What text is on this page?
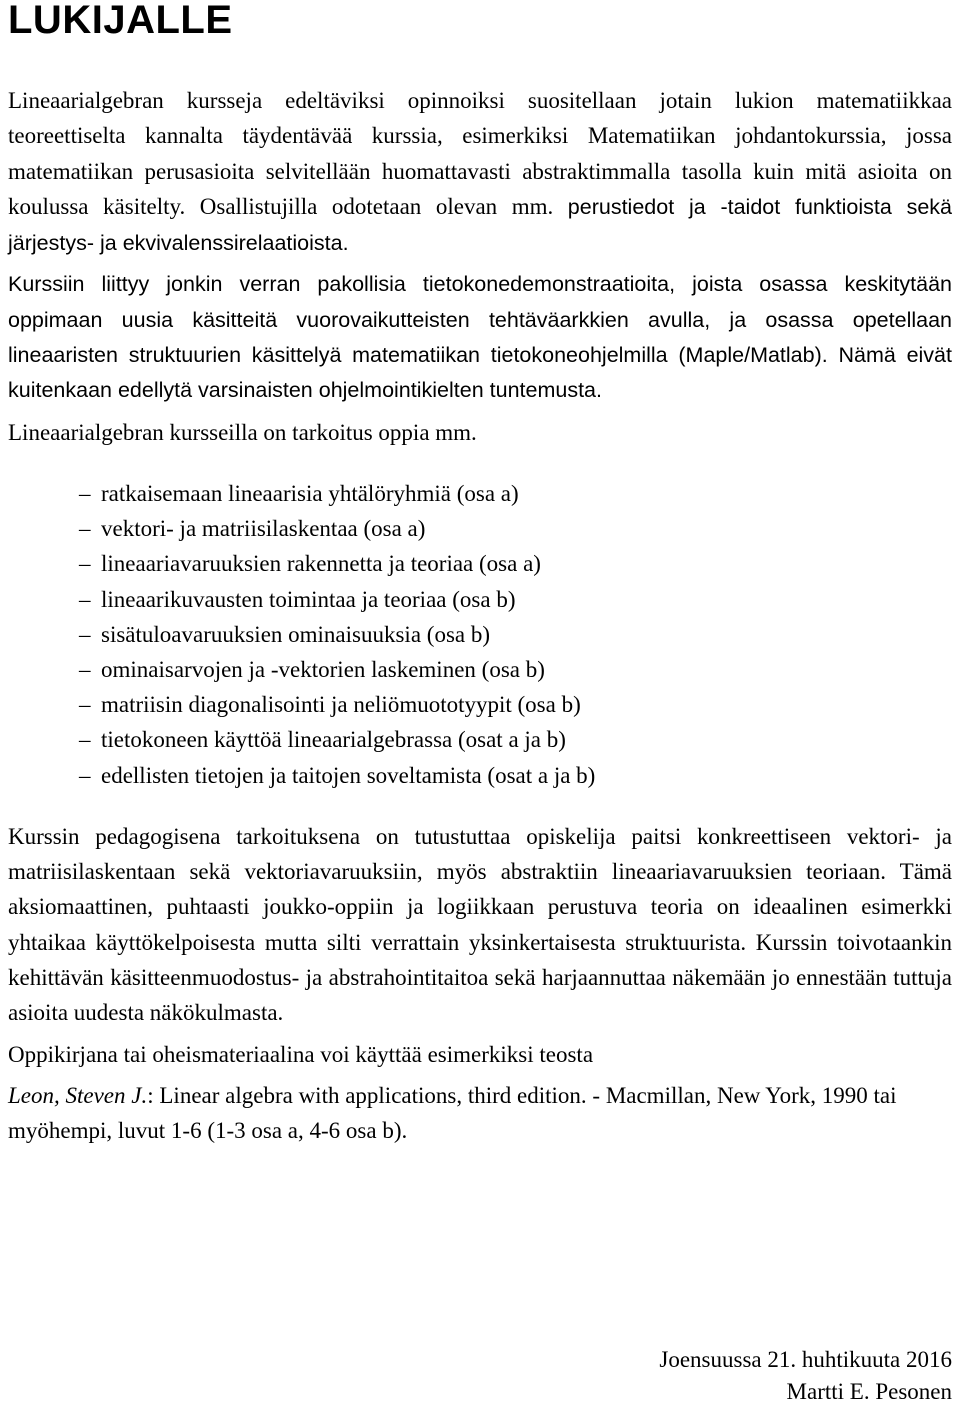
LUKIJALLE

Lineaarialgebran kursseja edeltäviksi opinnoiksi suositellaan jotain lukion matematiikkaa teoreettiselta kannalta täydentävää kurssia, esimerkiksi Matematiikan johdantokurssia, jossa matematiikan perusasioita selvitellään huomattavasti abstraktimmalla tasolla kuin mitä asioita on koulussa käsitelty. Osallistujilla odotetaan olevan mm. perustiedot ja -taidot funktioista sekä järjestys- ja ekvivalenssirelaatioista.

Kurssiin liittyy jonkin verran pakollisia tietokonedemonstraatioita, joista osassa keskitytään oppimaan uusia käsitteitä vuorovaikutteisten tehtäväarkkien avulla, ja osassa opetellaan lineaaristen struktuurien käsittelyä matematiikan tietokoneohjelmilla (Maple/Matlab). Nämä eivät kuitenkaan edellytä varsinaisten ohjelmointikielten tuntemusta.

Lineaarialgebran kursseilla on tarkoitus oppia mm.

– ratkaisemaan lineaarisia yhtälöryhmiä (osa a)
– vektori- ja matriisilaskentaa (osa a)
– lineaariavaruuksien rakennetta ja teoriaa (osa a)
– lineaarikuvausten toimintaa ja teoriaa (osa b)
– sisätuloavaruuksien ominaisuuksia (osa b)
– ominaisarvojen ja -vektorien laskeminen (osa b)
– matriisin diagonalisointi ja neliömuototyypit (osa b)
– tietokoneen käyttöä lineaarialgebrassa (osat a ja b)
– edellisten tietojen ja taitojen soveltamista (osat a ja b)

Kurssin pedagogisena tarkoituksena on tutustuttaa opiskelija paitsi konkreettiseen vektori- ja matriisilaskentaan sekä vektoriavaruuksiin, myös abstraktiin lineaariavaruuksien teoriaan. Tämä aksiomaattinen, puhtaasti joukko-oppiin ja logiikkaan perustuva teoria on ideaalinen esimerkki yhtaikaa käyttökelpoisesta mutta silti verrattain yksinkertaisesta struktuurista. Kurssin toivotaankin kehittävän käsitteenmuodostus- ja abstrahointitaitoa sekä harjaannuttaa näkemään jo ennestään tuttuja asioita uudesta näkökulmasta.

Oppikirjana tai oheismateriaalina voi käyttää esimerkiksi teosta

Leon, Steven J.: Linear algebra with applications, third edition. - Macmillan, New York, 1990 tai myöhempi, luvut 1-6 (1-3 osa a, 4-6 osa b).

Joensuussa 21. huhtikuuta 2016
Martti E. Pesonen
